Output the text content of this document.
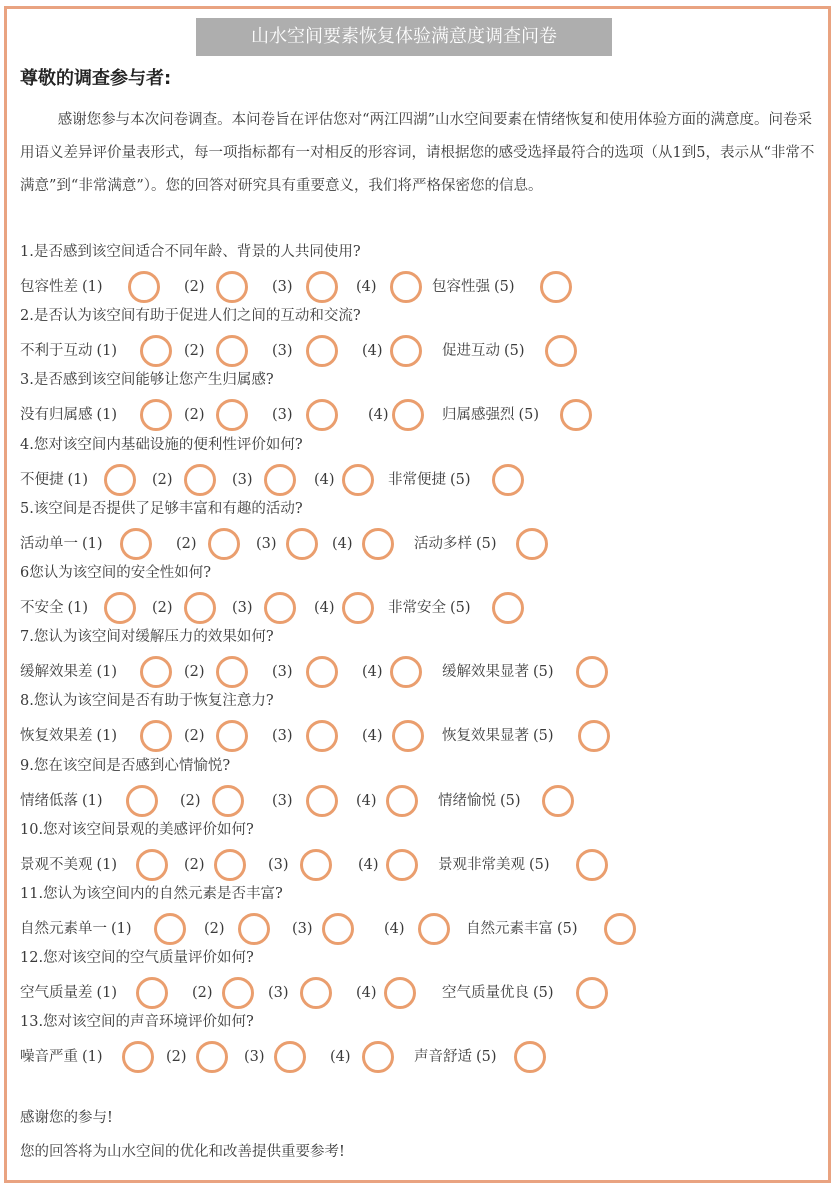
山水空间要素恢复体验满意度调查问卷
尊敬的调查参与者:
感谢您参与本次问卷调查。本问卷旨在评估您对“两江四湖”山水空间要素在情绪恢复和使用体验方面的满意度。问卷采用语义差异评价量表形式，每一项指标都有一对相反的形容词，请根据您的感受选择最符合的选项（从1到5，表示从“非常不满意”到“非常满意”）。您的回答对研究具有重要意义，我们将严格保密您的信息。
1.是否感到该空间适合不同年龄、背景的人共同使用?
包容性差 (1)	(2)	(3)	(4)	包容性强 (5)
2.是否认为该空间有助于促进人们之间的互动和交流?
不利于互动 (1)	(2)	(3)	(4)	促进互动 (5)
3.是否感到该空间能够让您产生归属感?
没有归属感 (1)	(2)	(3)	(4)	归属感强烈 (5)
4.您对该空间内基础设施的便利性评价如何?
不便捷 (1)	(2)	(3)	(4)	非常便捷 (5)
5.该空间是否提供了足够丰富和有趣的活动?
活动单一 (1)	(2)	(3)	(4)	活动多样 (5)
6您认为该空间的安全性如何?
不安全 (1)	(2)	(3)	(4)	非常安全 (5)
7.您认为该空间对缓解压力的效果如何?
缓解效果差 (1)	(2)	(3)	(4)	缓解效果显著 (5)
8.您认为该空间是否有助于恢复注意力?
恢复效果差 (1)	(2)	(3)	(4)	恢复效果显著 (5)
9.您在该空间是否感到心情愉悦?
情绪低落 (1)	(2)	(3)	(4)	情绪愉悦 (5)
10.您对该空间景观的美感评价如何?
景观不美观 (1)	(2)	(3)	(4)	景观非常美观 (5)
11.您认为该空间内的自然元素是否丰富?
自然元素单一 (1)	(2)	(3)	(4)	自然元素丰富 (5)
12.您对该空间的空气质量评价如何?
空气质量差 (1)	(2)	(3)	(4)	空气质量优良 (5)
13.您对该空间的声音环境评价如何?
噪音严重 (1)	(2)	(3)	(4)	声音舒适 (5)
感谢您的参与!
您的回答将为山水空间的优化和改善提供重要参考!
